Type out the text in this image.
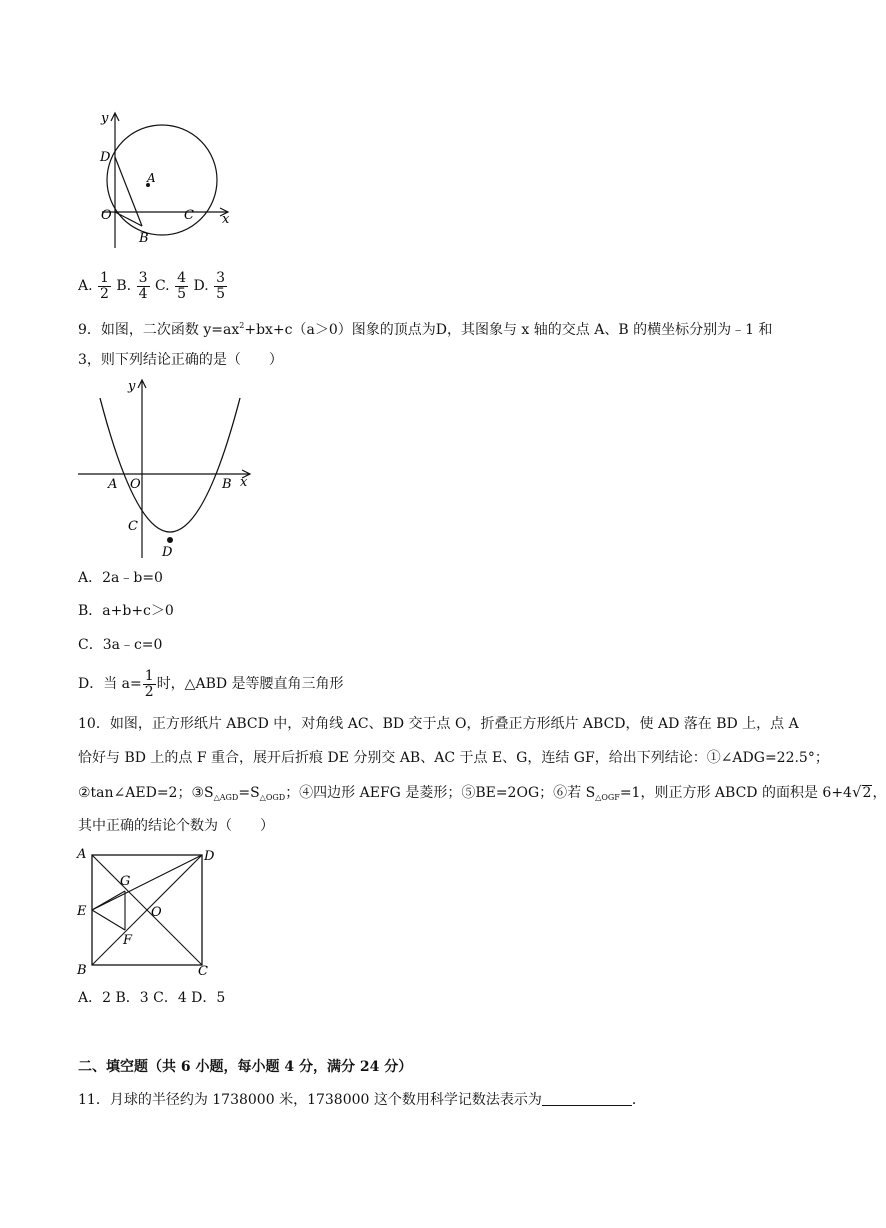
y
D
A
O	C x
B
A. $\frac{1}{2} B$. $\frac{3}{4} C$. $\frac{4}{5} D$. $\frac{3}{5}$
9．如图，二次函数 $y=ax^2+bx+c(a>0)$图象的顶点为D，其图象与 x 轴的交点 A、B 的横坐标分别为﹣1 和
3，则下列结论正确的是（　　）
y
A O	B x
C
D
A．2a﹣b=0
B．a+b+c＞0
C．3a﹣c=0
D．当 $a= \frac{1}{2}$ 时，△ABD 是等腰直角三角形
10．如图，正方形纸片 ABCD 中，对角线 AC、BD 交于点 O，折叠正方形纸片 ABCD，使 AD 落在 BD 上，点 A
恰好与 BD 上的点 F 重合，展开后折痕 DE 分别交 AB、AC 于点 E、G，连结 GF，给出下列结论：①∠ADG=22.5°；
②tan∠AED=2；$③S_{\triangle AGD}=S_{\triangle OGD}$；④四边形 AEFG 是菱形；⑤BE=2OG；⑥若 $S_{\triangle OGF}=1$，则正方形 ABCD 的面积是 6+4√2，
其中正确的结论个数为（　　）
A	D
G
E	O
F
B	C
A．2 B．3 C．4 D．5
二、填空题（共 6 小题，每小题 4 分，满分 24 分）
11．月球的半径约为 1738000 米，1738000 这个数用科学记数法表示为	．
